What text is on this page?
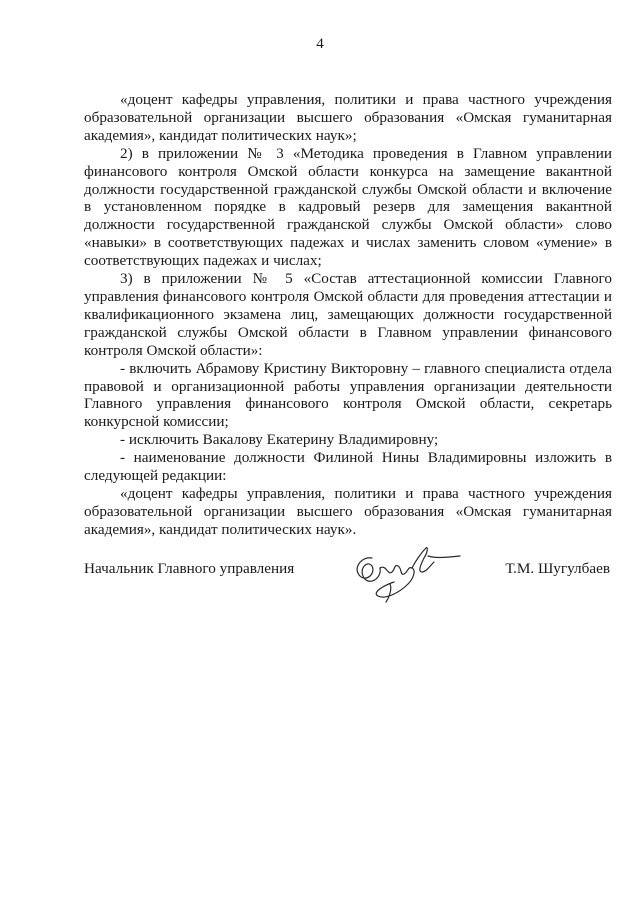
4

«доцент кафедры управления, политики и права частного учреждения образовательной организации высшего образования «Омская гуманитарная академия», кандидат политических наук»;

2) в приложении № 3 «Методика проведения в Главном управлении финансового контроля Омской области конкурса на замещение вакантной должности государственной гражданской службы Омской области и включение в установленном порядке в кадровый резерв для замещения вакантной должности государственной гражданской службы Омской области» слово «навыки» в соответствующих падежах и числах заменить словом «умение» в соответствующих падежах и числах;

3) в приложении № 5 «Состав аттестационной комиссии Главного управления финансового контроля Омской области для проведения аттестации и квалификационного экзамена лиц, замещающих должности государственной гражданской службы Омской области в Главном управлении финансового контроля Омской области»:

- включить Абрамову Кристину Викторовну – главного специалиста отдела правовой и организационной работы управления организации деятельности Главного управления финансового контроля Омской области, секретарь конкурсной комиссии;

- исключить Вакалову Екатерину Владимировну;

- наименование должности Филиной Нины Владимировны изложить в следующей редакции:

«доцент кафедры управления, политики и права частного учреждения образовательной организации высшего образования «Омская гуманитарная академия», кандидат политических наук».

Начальник Главного управления	Т.М. Шугулбаев
